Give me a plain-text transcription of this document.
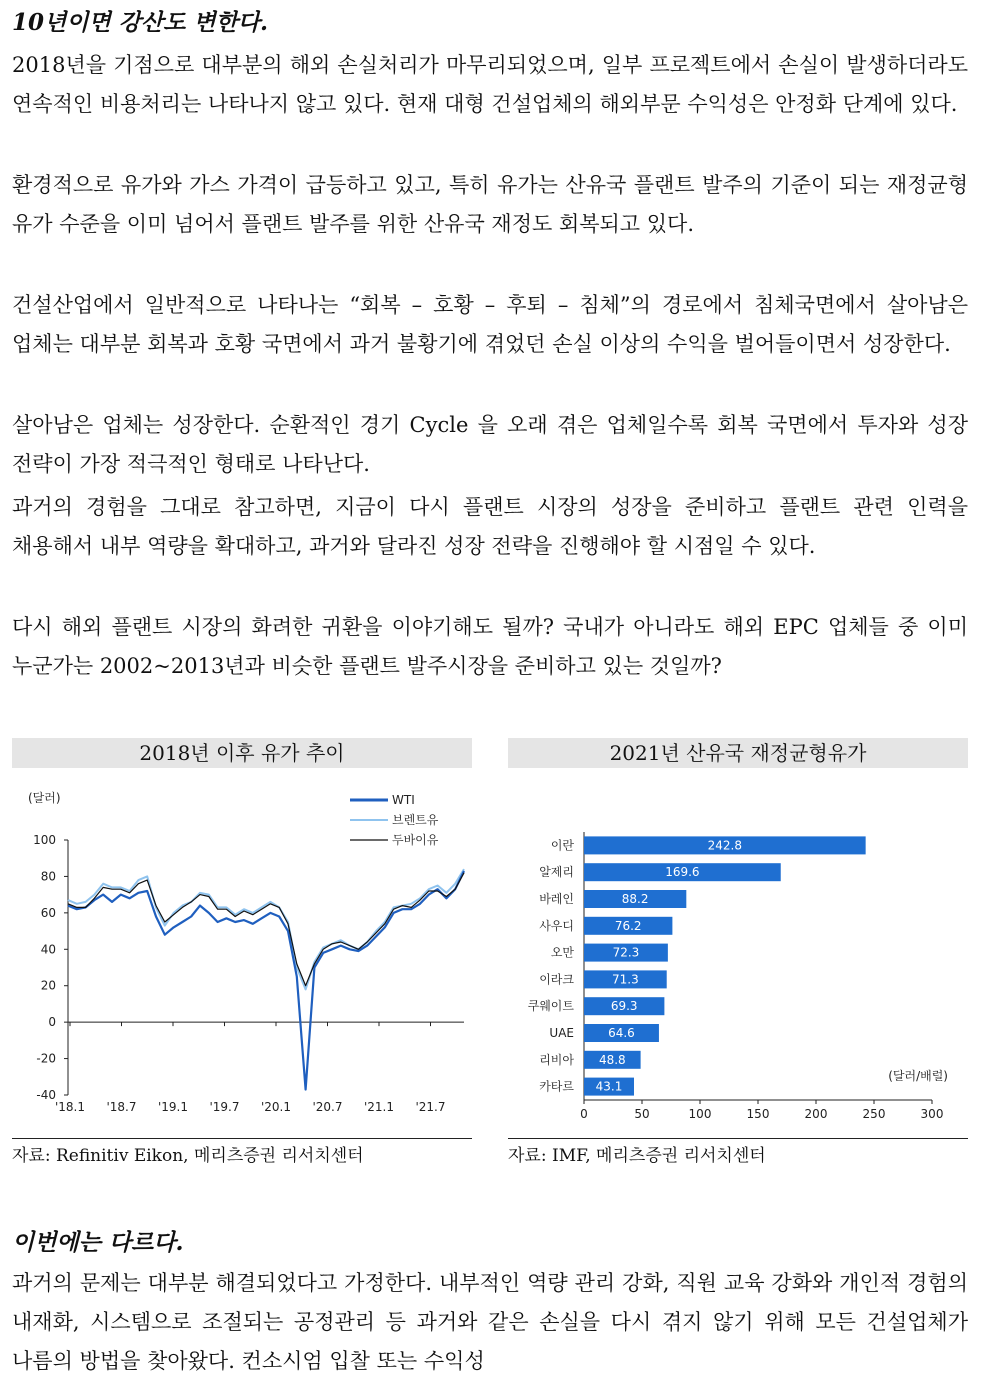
10년이면 강산도 변한다.

2018년을 기점으로 대부분의 해외 손실처리가 마무리되었으며, 일부 프로젝트에서 손실이 발생하더라도 연속적인 비용처리는 나타나지 않고 있다. 현재 대형 건설업체의 해외부문 수익성은 안정화 단계에 있다.

환경적으로 유가와 가스 가격이 급등하고 있고, 특히 유가는 산유국 플랜트 발주의 기준이 되는 재정균형 유가 수준을 이미 넘어서 플랜트 발주를 위한 산유국 재정도 회복되고 있다.

건설산업에서 일반적으로 나타나는 “회복 – 호황 – 후퇴 – 침체”의 경로에서 침체국면에서 살아남은 업체는 대부분 회복과 호황 국면에서 과거 불황기에 겪었던 손실 이상의 수익을 벌어들이면서 성장한다.

살아남은 업체는 성장한다. 순환적인 경기 Cycle 을 오래 겪은 업체일수록 회복 국면에서 투자와 성장 전략이 가장 적극적인 형태로 나타난다.

과거의 경험을 그대로 참고하면, 지금이 다시 플랜트 시장의 성장을 준비하고 플랜트 관련 인력을 채용해서 내부 역량을 확대하고, 과거와 달라진 성장 전략을 진행해야 할 시점일 수 있다.

다시 해외 플랜트 시장의 화려한 귀환을 이야기해도 될까? 국내가 아니라도 해외 EPC 업체들 중 이미 누군가는 2002~2013년과 비슷한 플랜트 발주시장을 준비하고 있는 것일까?

2018년 이후 유가 추이
(달러)
100
80
60
40
20
0
-20
-40
'18.1 '18.7 '19.1 '19.7 '20.1 '20.7 '21.1 '21.7
WTI
브렌트유
두바이유
자료: Refinitiv Eikon, 메리츠증권 리서치센터
2021년 산유국 재정균형유가
0	50	100	150	200	250	300
이란	242.8
알제리	169.6
바레인	88.2
사우디	76.2
오만	72.3
이라크	71.3
쿠웨이트	69.3
UAE	64.6
리비아 48.8
카타르 43.1
(달러/배럴)
자료: IMF, 메리츠증권 리서치센터
이번에는 다르다.

과거의 문제는 대부분 해결되었다고 가정한다. 내부적인 역량 관리 강화, 직원 교육 강화와 개인적 경험의 내재화, 시스템으로 조절되는 공정관리 등 과거와 같은 손실을 다시 겪지 않기 위해 모든 건설업체가 나름의 방법을 찾아왔다. 컨소시엄 입찰 또는 수익성
